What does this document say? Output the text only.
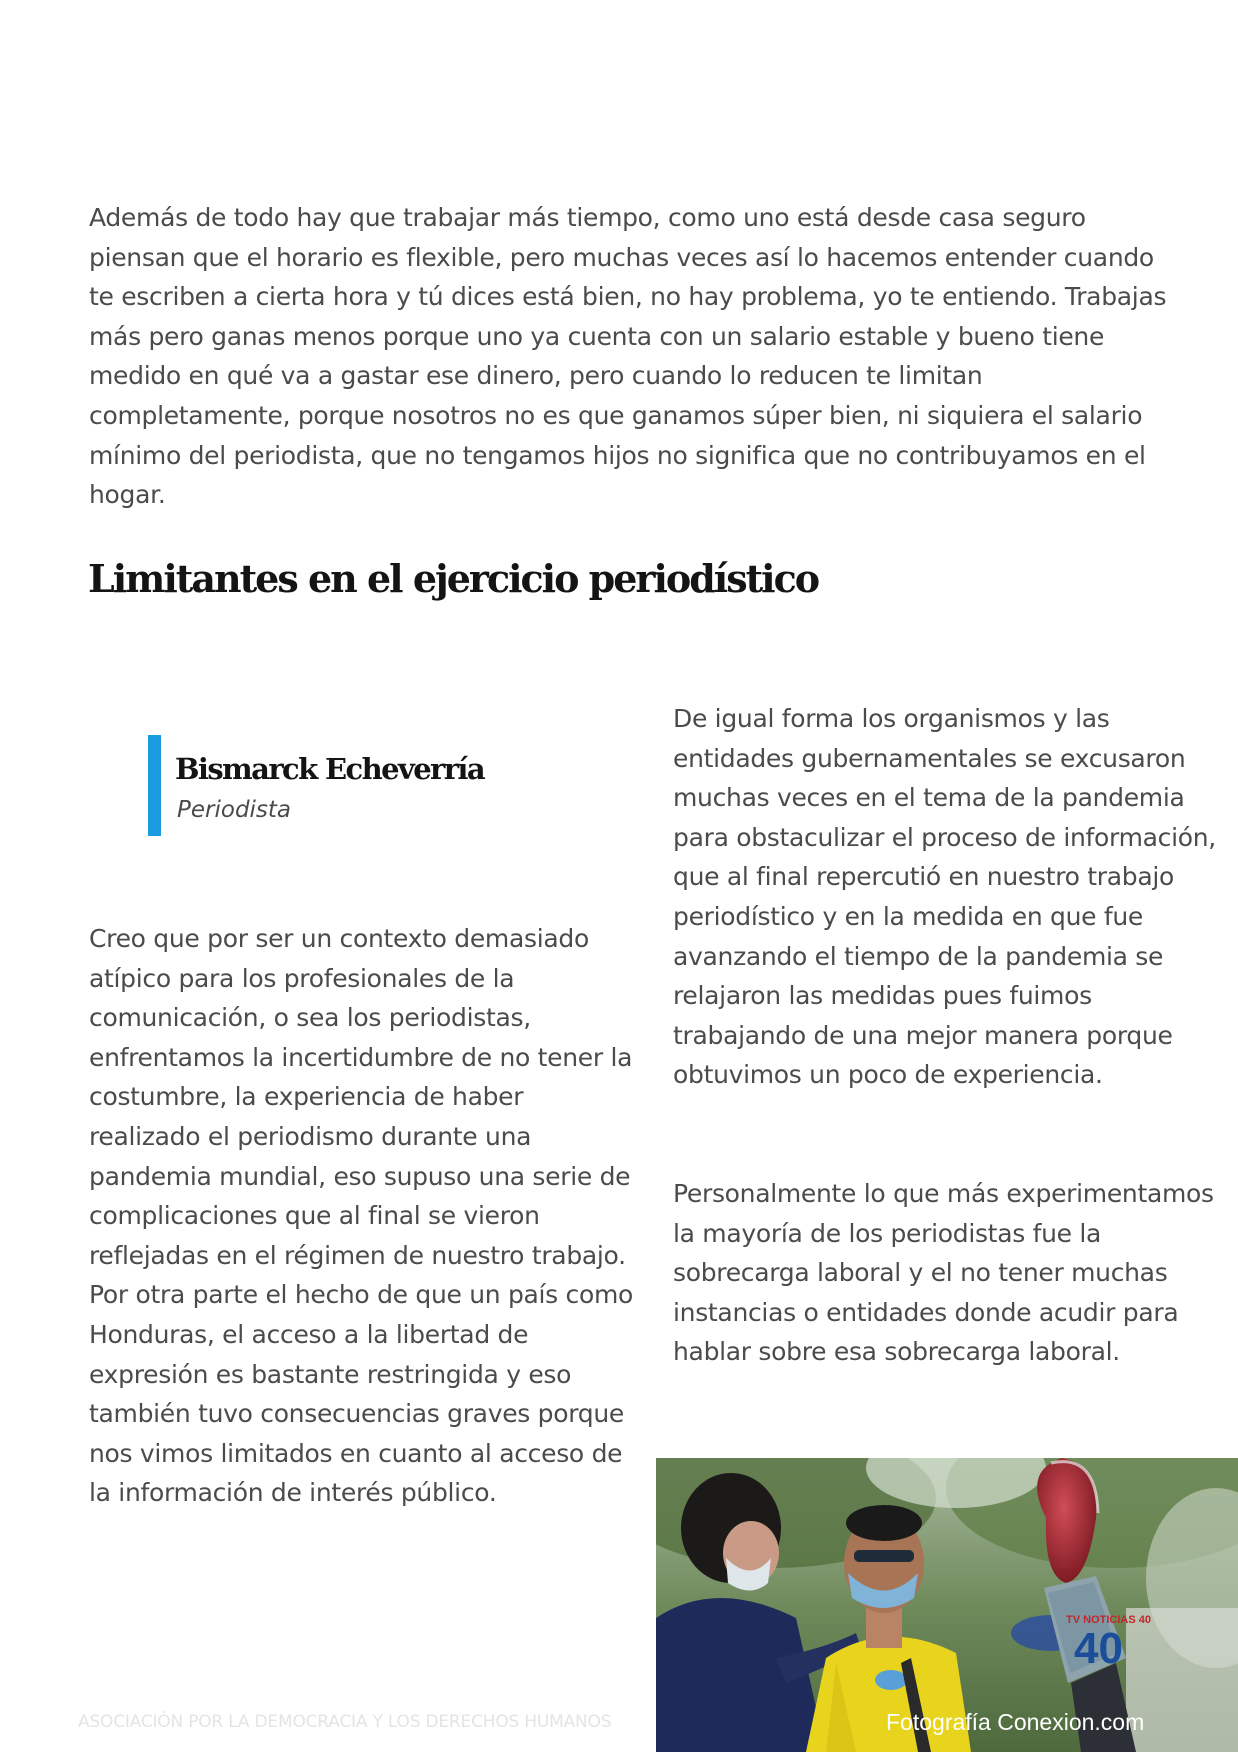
Además de todo hay que trabajar más tiempo, como uno está desde casa seguro piensan que el horario es flexible, pero muchas veces así lo hacemos entender cuando te escriben a cierta hora y tú dices está bien, no hay problema, yo te entiendo. Trabajas más pero ganas menos porque uno ya cuenta con un salario estable y bueno tiene medido en qué va a gastar ese dinero, pero cuando lo reducen te limitan completamente, porque nosotros no es que ganamos súper bien, ni siquiera el salario mínimo del periodista, que no tengamos hijos no significa que no contribuyamos en el hogar.

Limitantes en el ejercicio periodístico

Bismarck Echeverría

Periodista

Creo que por ser un contexto demasiado atípico para los profesionales de la comunicación, o sea los periodistas, enfrentamos la incertidumbre de no tener la costumbre, la experiencia de haber realizado el periodismo durante una pandemia mundial, eso supuso una serie de complicaciones que al final se vieron reflejadas en el régimen de nuestro trabajo. Por otra parte el hecho de que un país como Honduras, el acceso a la libertad de expresión es bastante restringida y eso también tuvo consecuencias graves porque nos vimos limitados en cuanto al acceso de la información de interés público.

De igual forma los organismos y las entidades gubernamentales se excusaron muchas veces en el tema de la pandemia para obstaculizar el proceso de información, que al final repercutió en nuestro trabajo periodístico y en la medida en que fue avanzando el tiempo de la pandemia se relajaron las medidas pues fuimos trabajando de una mejor manera porque obtuvimos un poco de experiencia.

Personalmente lo que más experimentamos la mayoría de los periodistas fue la sobrecarga laboral y el no tener muchas instancias o entidades donde acudir para hablar sobre esa sobrecarga laboral.

TV NOTICIAS 40
40

Fotografía Conexion.com

ASOCIACIÓN POR LA DEMOCRACIA Y LOS DERECHOS HUMANOS
